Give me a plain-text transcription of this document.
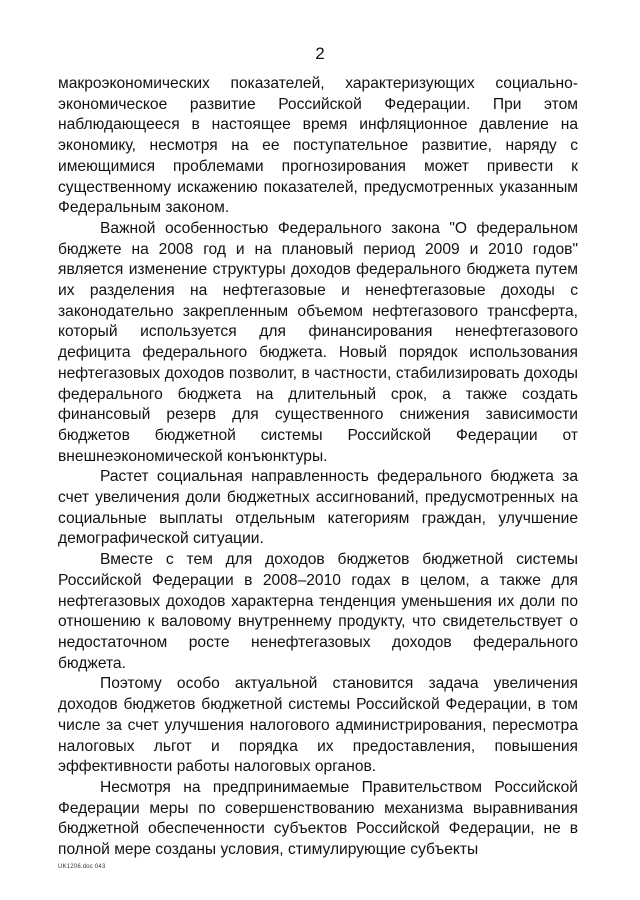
2

макроэкономических показателей, характеризующих социально-экономическое развитие Российской Федерации. При этом наблюдающееся в настоящее время инфляционное давление на экономику, несмотря на ее поступательное развитие, наряду с имеющимися проблемами прогнозирования может привести к существенному искажению показателей, предусмотренных указанным Федеральным законом.

Важной особенностью Федерального закона "О федеральном бюджете на 2008 год и на плановый период 2009 и 2010 годов" является изменение структуры доходов федерального бюджета путем их разделения на нефтегазовые и ненефтегазовые доходы с законодательно закрепленным объемом нефтегазового трансферта, который используется для финансирования ненефтегазового дефицита федерального бюджета. Новый порядок использования нефтегазовых доходов позволит, в частности, стабилизировать доходы федерального бюджета на длительный срок, а также создать финансовый резерв для существенного снижения зависимости бюджетов бюджетной системы Российской Федерации от внешнеэкономической конъюнктуры.

Растет социальная направленность федерального бюджета за счет увеличения доли бюджетных ассигнований, предусмотренных на социальные выплаты отдельным категориям граждан, улучшение демографической ситуации.

Вместе с тем для доходов бюджетов бюджетной системы Российской Федерации в 2008–2010 годах в целом, а также для нефтегазовых доходов характерна тенденция уменьшения их доли по отношению к валовому внутреннему продукту, что свидетельствует о недостаточном росте ненефтегазовых доходов федерального бюджета.

Поэтому особо актуальной становится задача увеличения доходов бюджетов бюджетной системы Российской Федерации, в том числе за счет улучшения налогового администрирования, пересмотра налоговых льгот и порядка их предоставления, повышения эффективности работы налоговых органов.

Несмотря на предпринимаемые Правительством Российской Федерации меры по совершенствованию механизма выравнивания бюджетной обеспеченности субъектов Российской Федерации, не в полной мере созданы условия, стимулирующие субъекты

UK1206.doc 043
